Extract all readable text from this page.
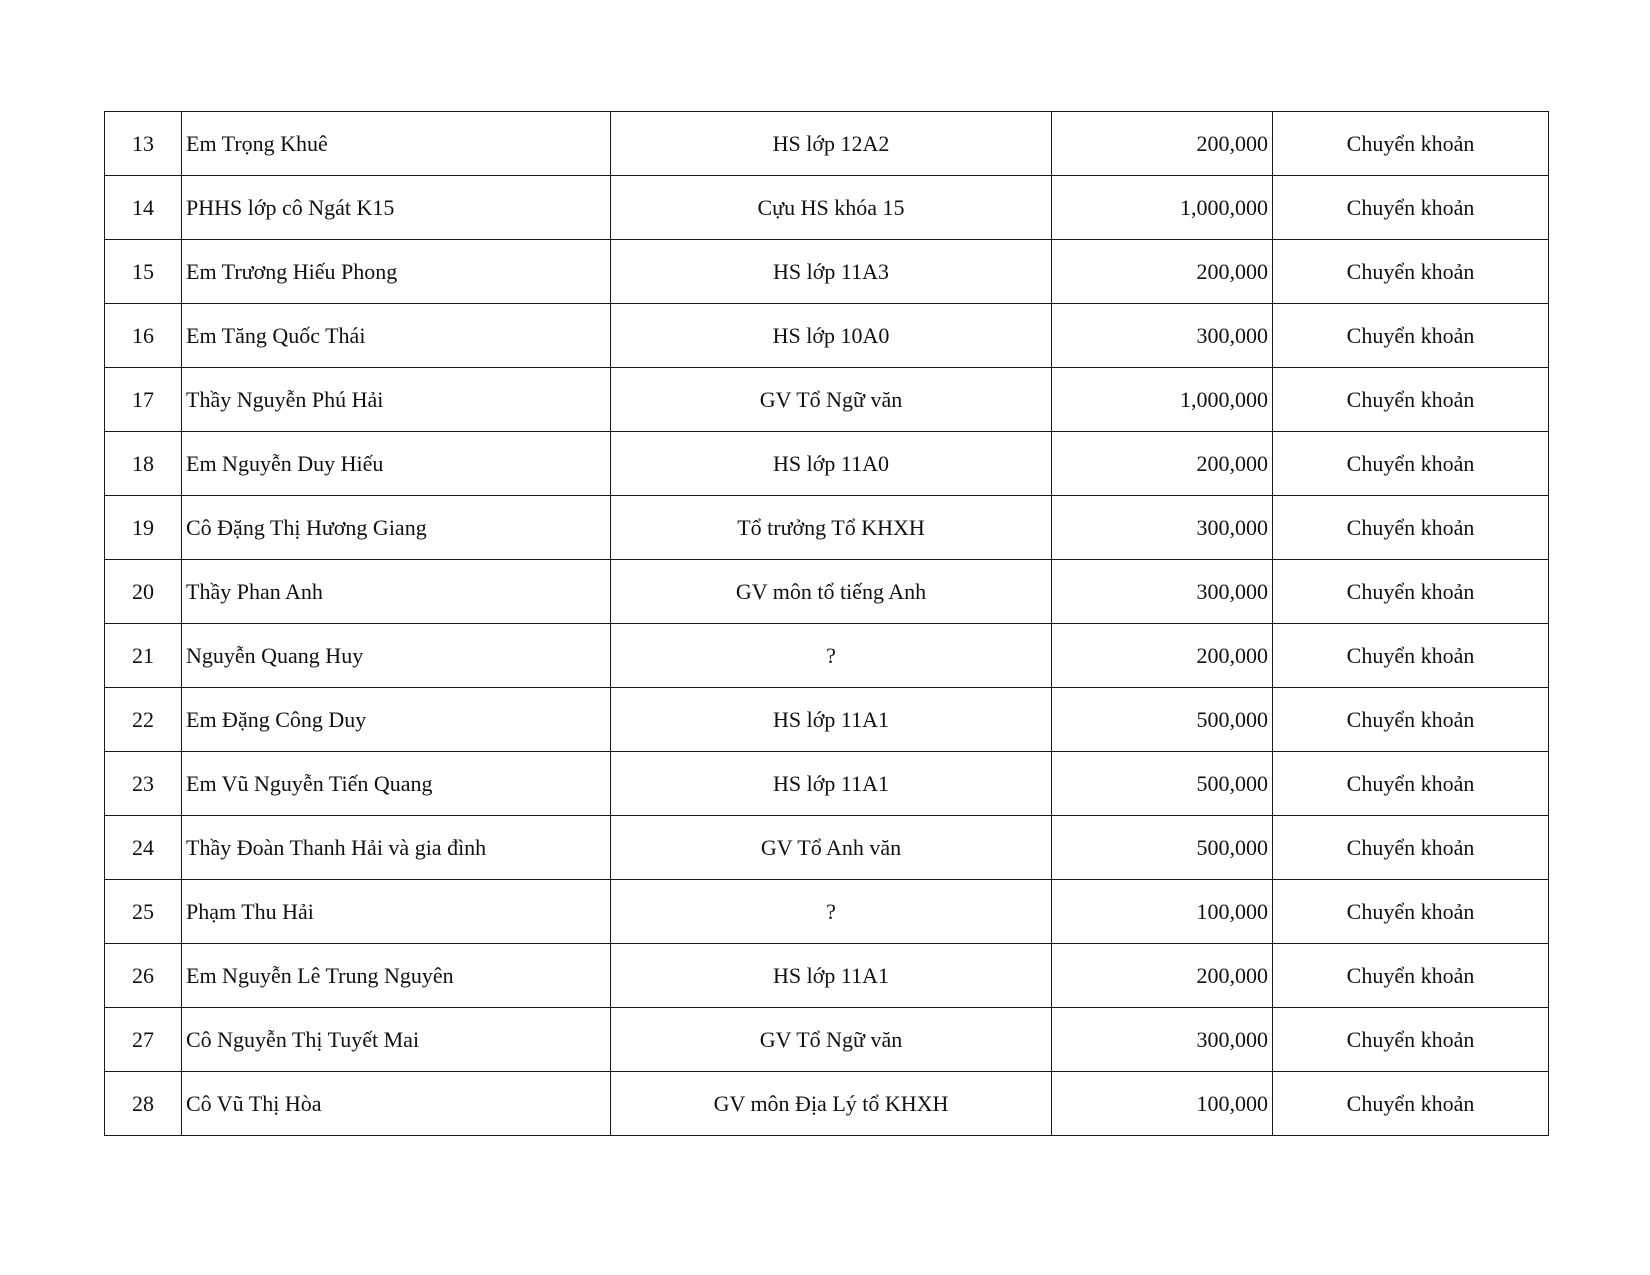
13	Em Trọng Khuê	HS lớp 12A2	200,000	Chuyển khoản
14	PHHS lớp cô Ngát K15	Cựu HS khóa 15	1,000,000	Chuyển khoản
15	Em Trương Hiếu Phong	HS lớp 11A3	200,000	Chuyển khoản
16	Em Tăng Quốc Thái	HS lớp 10A0	300,000	Chuyển khoản
17	Thầy Nguyễn Phú Hải	GV Tổ Ngữ văn	1,000,000	Chuyển khoản
18	Em Nguyễn Duy Hiếu	HS lớp 11A0	200,000	Chuyển khoản
19	Cô Đặng Thị Hương Giang	Tổ trưởng Tổ KHXH	300,000	Chuyển khoản
20	Thầy Phan Anh	GV môn tổ tiếng Anh	300,000	Chuyển khoản
21	Nguyễn Quang Huy	?	200,000	Chuyển khoản
22	Em Đặng Công Duy	HS lớp 11A1	500,000	Chuyển khoản
23	Em Vũ Nguyễn Tiến Quang	HS lớp 11A1	500,000	Chuyển khoản
24	Thầy Đoàn Thanh Hải và gia đình	GV Tổ Anh văn	500,000	Chuyển khoản
25	Phạm Thu Hải	?	100,000	Chuyển khoản
26	Em Nguyễn Lê Trung Nguyên	HS lớp 11A1	200,000	Chuyển khoản
27	Cô Nguyễn Thị Tuyết Mai	GV Tổ Ngữ văn	300,000	Chuyển khoản
28	Cô Vũ Thị Hòa	GV môn Địa Lý tổ KHXH	100,000	Chuyển khoản
